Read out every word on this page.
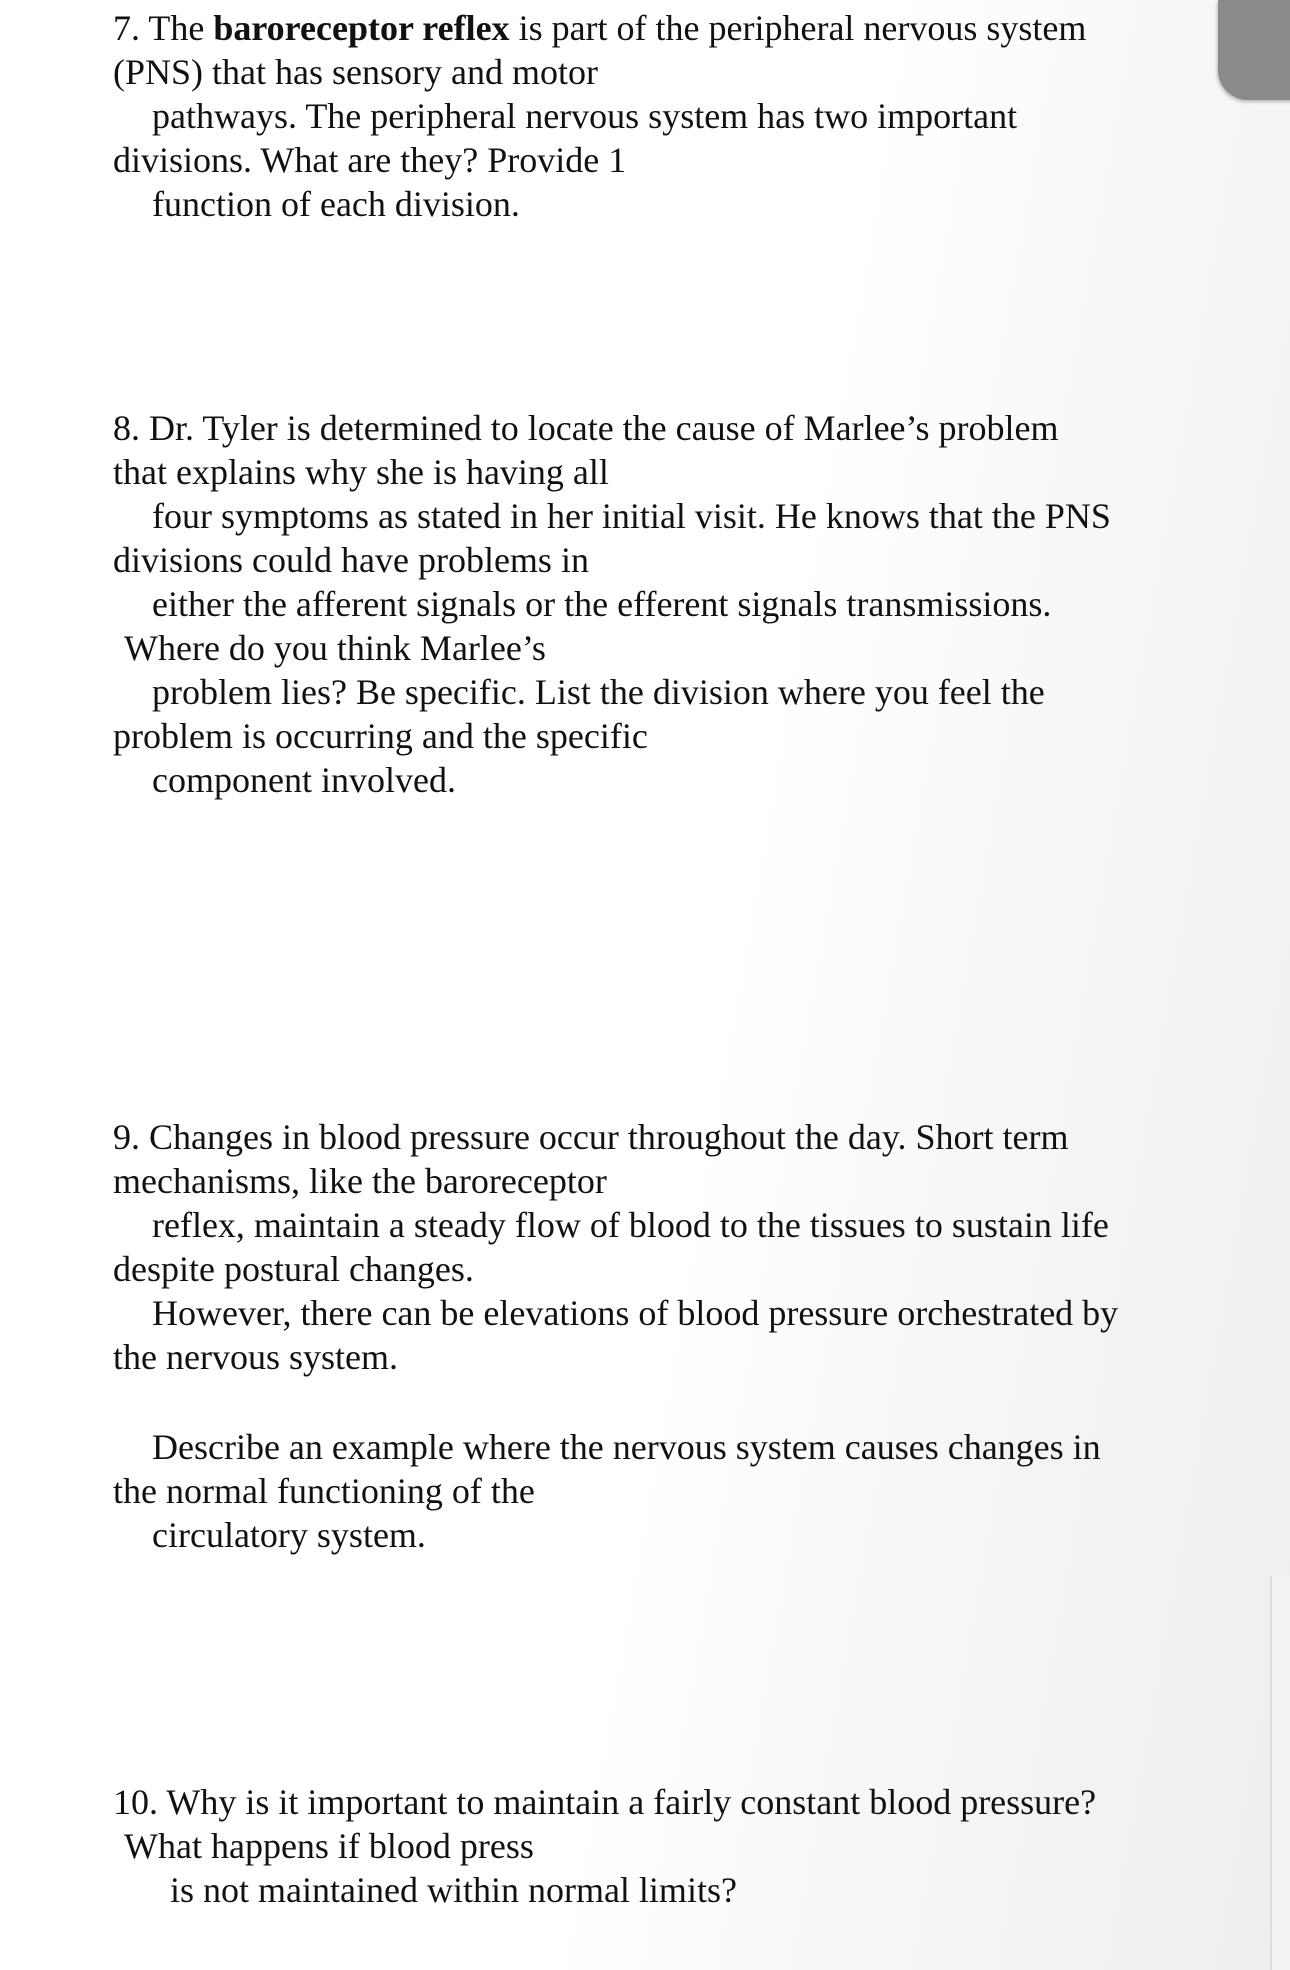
7. The baroreceptor reflex is part of the peripheral nervous system
(PNS) that has sensory and motor
pathways. The peripheral nervous system has two important
divisions. What are they? Provide 1
function of each division.
8. Dr. Tyler is determined to locate the cause of Marlee’s problem
that explains why she is having all
four symptoms as stated in her initial visit. He knows that the PNS
divisions could have problems in
either the afferent signals or the efferent signals transmissions.
Where do you think Marlee’s
problem lies? Be specific. List the division where you feel the
problem is occurring and the specific
component involved.
9. Changes in blood pressure occur throughout the day. Short term
mechanisms, like the baroreceptor
reflex, maintain a steady flow of blood to the tissues to sustain life
despite postural changes.
However, there can be elevations of blood pressure orchestrated by
the nervous system.
Describe an example where the nervous system causes changes in
the normal functioning of the
circulatory system.
10. Why is it important to maintain a fairly constant blood pressure?
What happens if blood press
is not maintained within normal limits?
